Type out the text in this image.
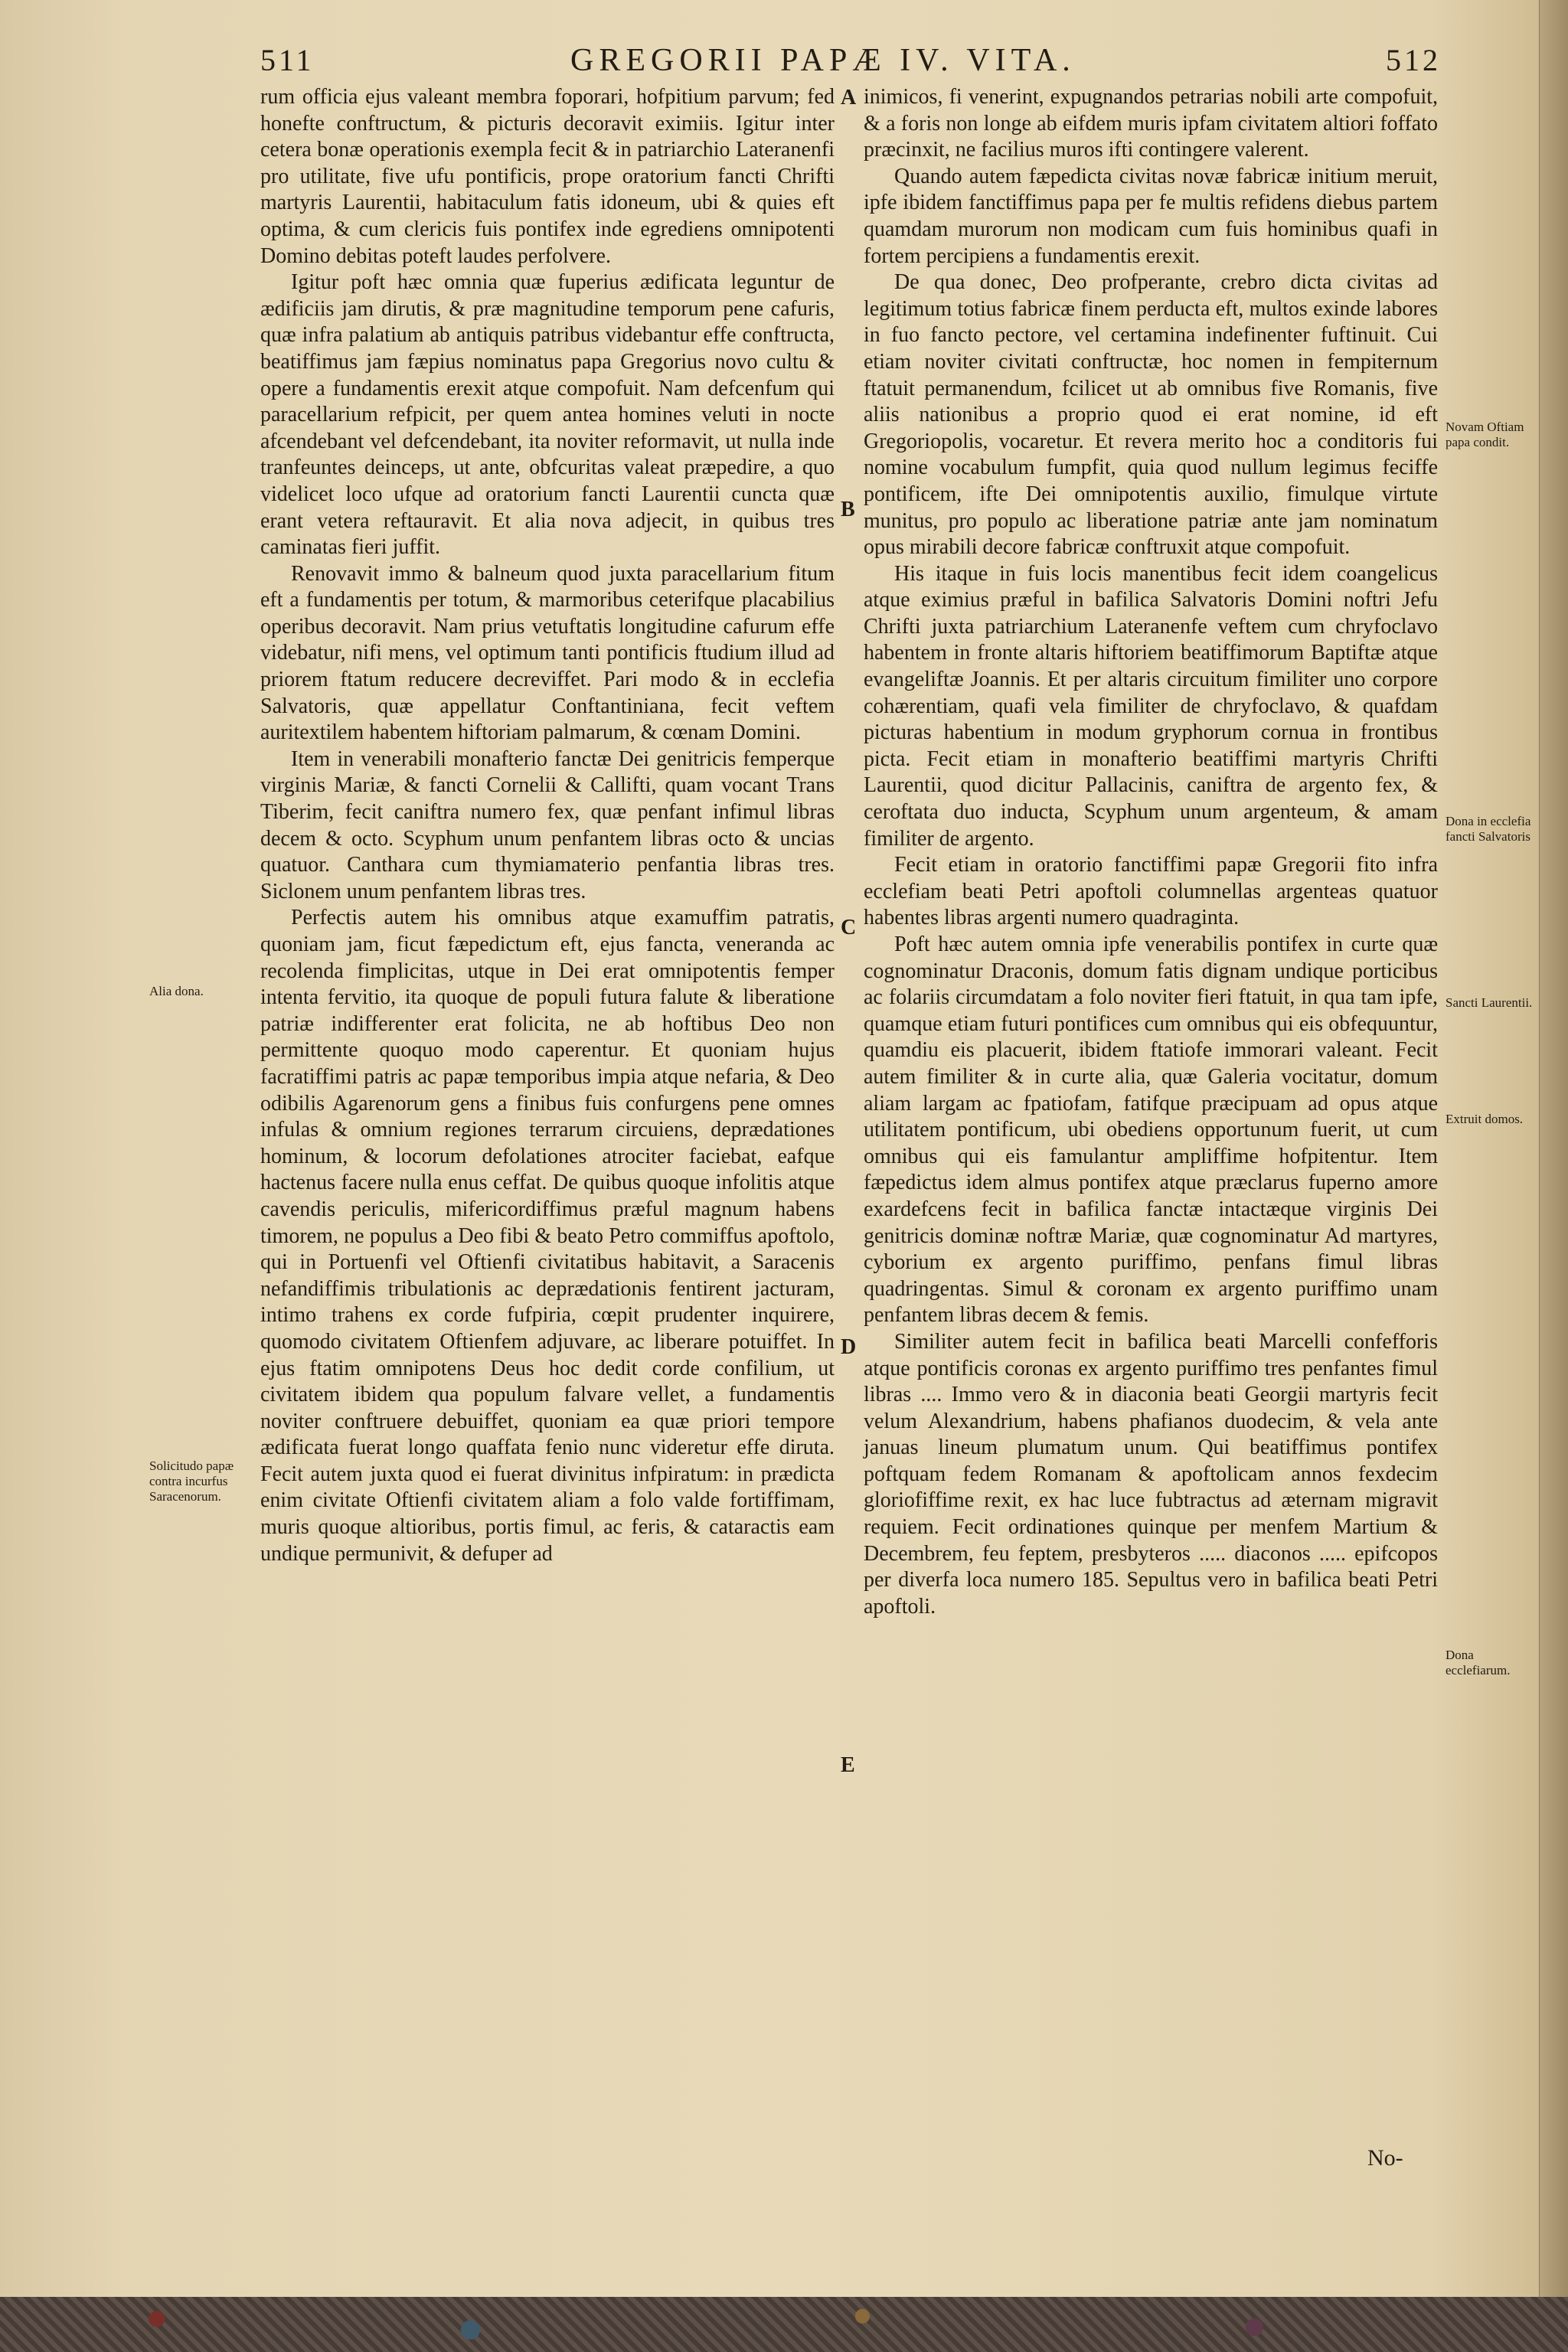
511	GREGORII PAPÆ IV. VITA.	512

rum officia ejus valeant membra foporari, hofpitium parvum; fed honefte conftructum, & picturis decoravit eximiis. Igitur inter cetera bonæ operationis exempla fecit & in patriarchio Lateranenfi pro utilitate, five ufu pontificis, prope oratorium fancti Chrifti martyris Laurentii, habitaculum fatis idoneum, ubi & quies eft optima, & cum clericis fuis pontifex inde egrediens omnipotenti Domino debitas poteft laudes perfolvere.

Igitur poft hæc omnia quæ fuperius ædificata leguntur de ædificiis jam dirutis, & præ magnitudine temporum pene cafuris, quæ infra palatium ab antiquis patribus videbantur effe conftructa, beatiffimus jam fæpius nominatus papa Gregorius novo cultu & opere a fundamentis erexit atque compofuit. Nam defcenfum qui paracellarium refpicit, per quem antea homines veluti in nocte afcendebant vel defcendebant, ita noviter reformavit, ut nulla inde tranfeuntes deinceps, ut ante, obfcuritas valeat præpedire, a quo videlicet loco ufque ad oratorium fancti Laurentii cuncta quæ erant vetera reftauravit. Et alia nova adjecit, in quibus tres caminatas fieri juffit.

Renovavit immo & balneum quod juxta paracellarium fitum eft a fundamentis per totum, & marmoribus ceterifque placabilius operibus decoravit. Nam prius vetuftatis longitudine cafurum effe videbatur, nifi mens, vel optimum tanti pontificis ftudium illud ad priorem ftatum reducere decreviffet. Pari modo & in ecclefia Salvatoris, quæ appellatur Conftantiniana, fecit veftem auritextilem habentem hiftoriam palmarum, & cœnam Domini.

Item in venerabili monafterio fanctæ Dei genitricis femperque virginis Mariæ, & fancti Cornelii & Callifti, quam vocant Trans Tiberim, fecit caniftra numero fex, quæ penfant infimul libras decem & octo. Scyphum unum penfantem libras octo & uncias quatuor. Canthara cum thymiamaterio penfantia libras tres. Siclonem unum penfantem libras tres.

Perfectis autem his omnibus atque examuffim patratis, quoniam jam, ficut fæpedictum eft, ejus fancta, veneranda ac recolenda fimplicitas, utque in Dei erat omnipotentis femper intenta fervitio, ita quoque de populi futura falute & liberatione patriæ indifferenter erat folicita, ne ab hoftibus Deo non permittente quoquo modo caperentur. Et quoniam hujus facratiffimi patris ac papæ temporibus impia atque nefaria, & Deo odibilis Agarenorum gens a finibus fuis confurgens pene omnes infulas & omnium regiones terrarum circuiens, deprædationes hominum, & locorum defolationes atrociter faciebat, eafque hactenus facere nulla enus ceffat. De quibus quoque infolitis atque cavendis periculis, mifericordiffimus præful magnum habens timorem, ne populus a Deo fibi & beato Petro commiffus apoftolo, qui in Portuenfi vel Oftienfi civitatibus habitavit, a Saracenis nefandiffimis tribulationis ac deprædationis fentirent jacturam, intimo trahens ex corde fufpiria, cœpit prudenter inquirere, quomodo civitatem Oftienfem adjuvare, ac liberare potuiffet. In ejus ftatim omnipotens Deus hoc dedit corde confilium, ut civitatem ibidem qua populum falvare vellet, a fundamentis noviter conftruere debuiffet, quoniam ea quæ priori tempore ædificata fuerat longo quaffata fenio nunc videretur effe diruta. Fecit autem juxta quod ei fuerat divinitus infpiratum: in prædicta enim civitate Oftienfi civitatem aliam a folo valde fortiffimam, muris quoque altioribus, portis fimul, ac feris, & cataractis eam undique permunivit, & defuper ad

inimicos, fi venerint, expugnandos petrarias nobili arte compofuit, & a foris non longe ab eifdem muris ipfam civitatem altiori foffato præcinxit, ne facilius muros ifti contingere valerent.

Quando autem fæpedicta civitas novæ fabricæ initium meruit, ipfe ibidem fanctiffimus papa per fe multis refidens diebus partem quamdam murorum non modicam cum fuis hominibus quafi in fortem percipiens a fundamentis erexit.

De qua donec, Deo profperante, crebro dicta civitas ad legitimum totius fabricæ finem perducta eft, multos exinde labores in fuo fancto pectore, vel certamina indefinenter fuftinuit. Cui etiam noviter civitati conftructæ, hoc nomen in fempiternum ftatuit permanendum, fcilicet ut ab omnibus five Romanis, five aliis nationibus a proprio quod ei erat nomine, id eft Gregoriopolis, vocaretur. Et revera merito hoc a conditoris fui nomine vocabulum fumpfit, quia quod nullum legimus feciffe pontificem, ifte Dei omnipotentis auxilio, fimulque virtute munitus, pro populo ac liberatione patriæ ante jam nominatum opus mirabili decore fabricæ conftruxit atque compofuit.

His itaque in fuis locis manentibus fecit idem coangelicus atque eximius præful in bafilica Salvatoris Domini noftri Jefu Chrifti juxta patriarchium Lateranenfe veftem cum chryfoclavo habentem in fronte altaris hiftoriem beatiffimorum Baptiftæ atque evangeliftæ Joannis. Et per altaris circuitum fimiliter uno corpore cohærentiam, quafi vela fimiliter de chryfoclavo, & quafdam picturas habentium in modum gryphorum cornua in frontibus picta. Fecit etiam in monafterio beatiffimi martyris Chrifti Laurentii, quod dicitur Pallacinis, caniftra de argento fex, & ceroftata duo inducta, Scyphum unum argenteum, & amam fimiliter de argento.

Fecit etiam in oratorio fanctiffimi papæ Gregorii fito infra ecclefiam beati Petri apoftoli columnellas argenteas quatuor habentes libras argenti numero quadraginta.

Poft hæc autem omnia ipfe venerabilis pontifex in curte quæ cognominatur Draconis, domum fatis dignam undique porticibus ac folariis circumdatam a folo noviter fieri ftatuit, in qua tam ipfe, quamque etiam futuri pontifices cum omnibus qui eis obfequuntur, quamdiu eis placuerit, ibidem ftatiofe immorari valeant. Fecit autem fimiliter & in curte alia, quæ Galeria vocitatur, domum aliam largam ac fpatiofam, fatifque præcipuam ad opus atque utilitatem pontificum, ubi obediens opportunum fuerit, ut cum omnibus qui eis famulantur ampliffime hofpitentur. Item fæpedictus idem almus pontifex atque præclarus fuperno amore exardefcens fecit in bafilica fanctæ intactæque virginis Dei genitricis dominæ noftræ Mariæ, quæ cognominatur Ad martyres, cyborium ex argento puriffimo, penfans fimul libras quadringentas. Simul & coronam ex argento puriffimo unam penfantem libras decem & femis.

Similiter autem fecit in bafilica beati Marcelli confefforis atque pontificis coronas ex argento puriffimo tres penfantes fimul libras .... Immo vero & in diaconia beati Georgii martyris fecit velum Alexandrium, habens phafianos duodecim, & vela ante januas lineum plumatum unum. Qui beatiffimus pontifex poftquam fedem Romanam & apoftolicam annos fexdecim gloriofiffime rexit, ex hac luce fubtractus ad æternam migravit requiem. Fecit ordinationes quinque per menfem Martium & Decembrem, feu feptem, presbyteros ..... diaconos ..... epifcopos per diverfa loca numero 185. Sepultus vero in bafilica beati Petri apoftoli.

A
B
C
D
E
Alia dona.
Solicitudo papæ contra incurfus Saracenorum.
Novam Oftiam papa condit.
Dona in ecclefia fancti Salvatoris
Sancti Laurentii.
Extruit domos.
Dona ecclefiarum.
No-
